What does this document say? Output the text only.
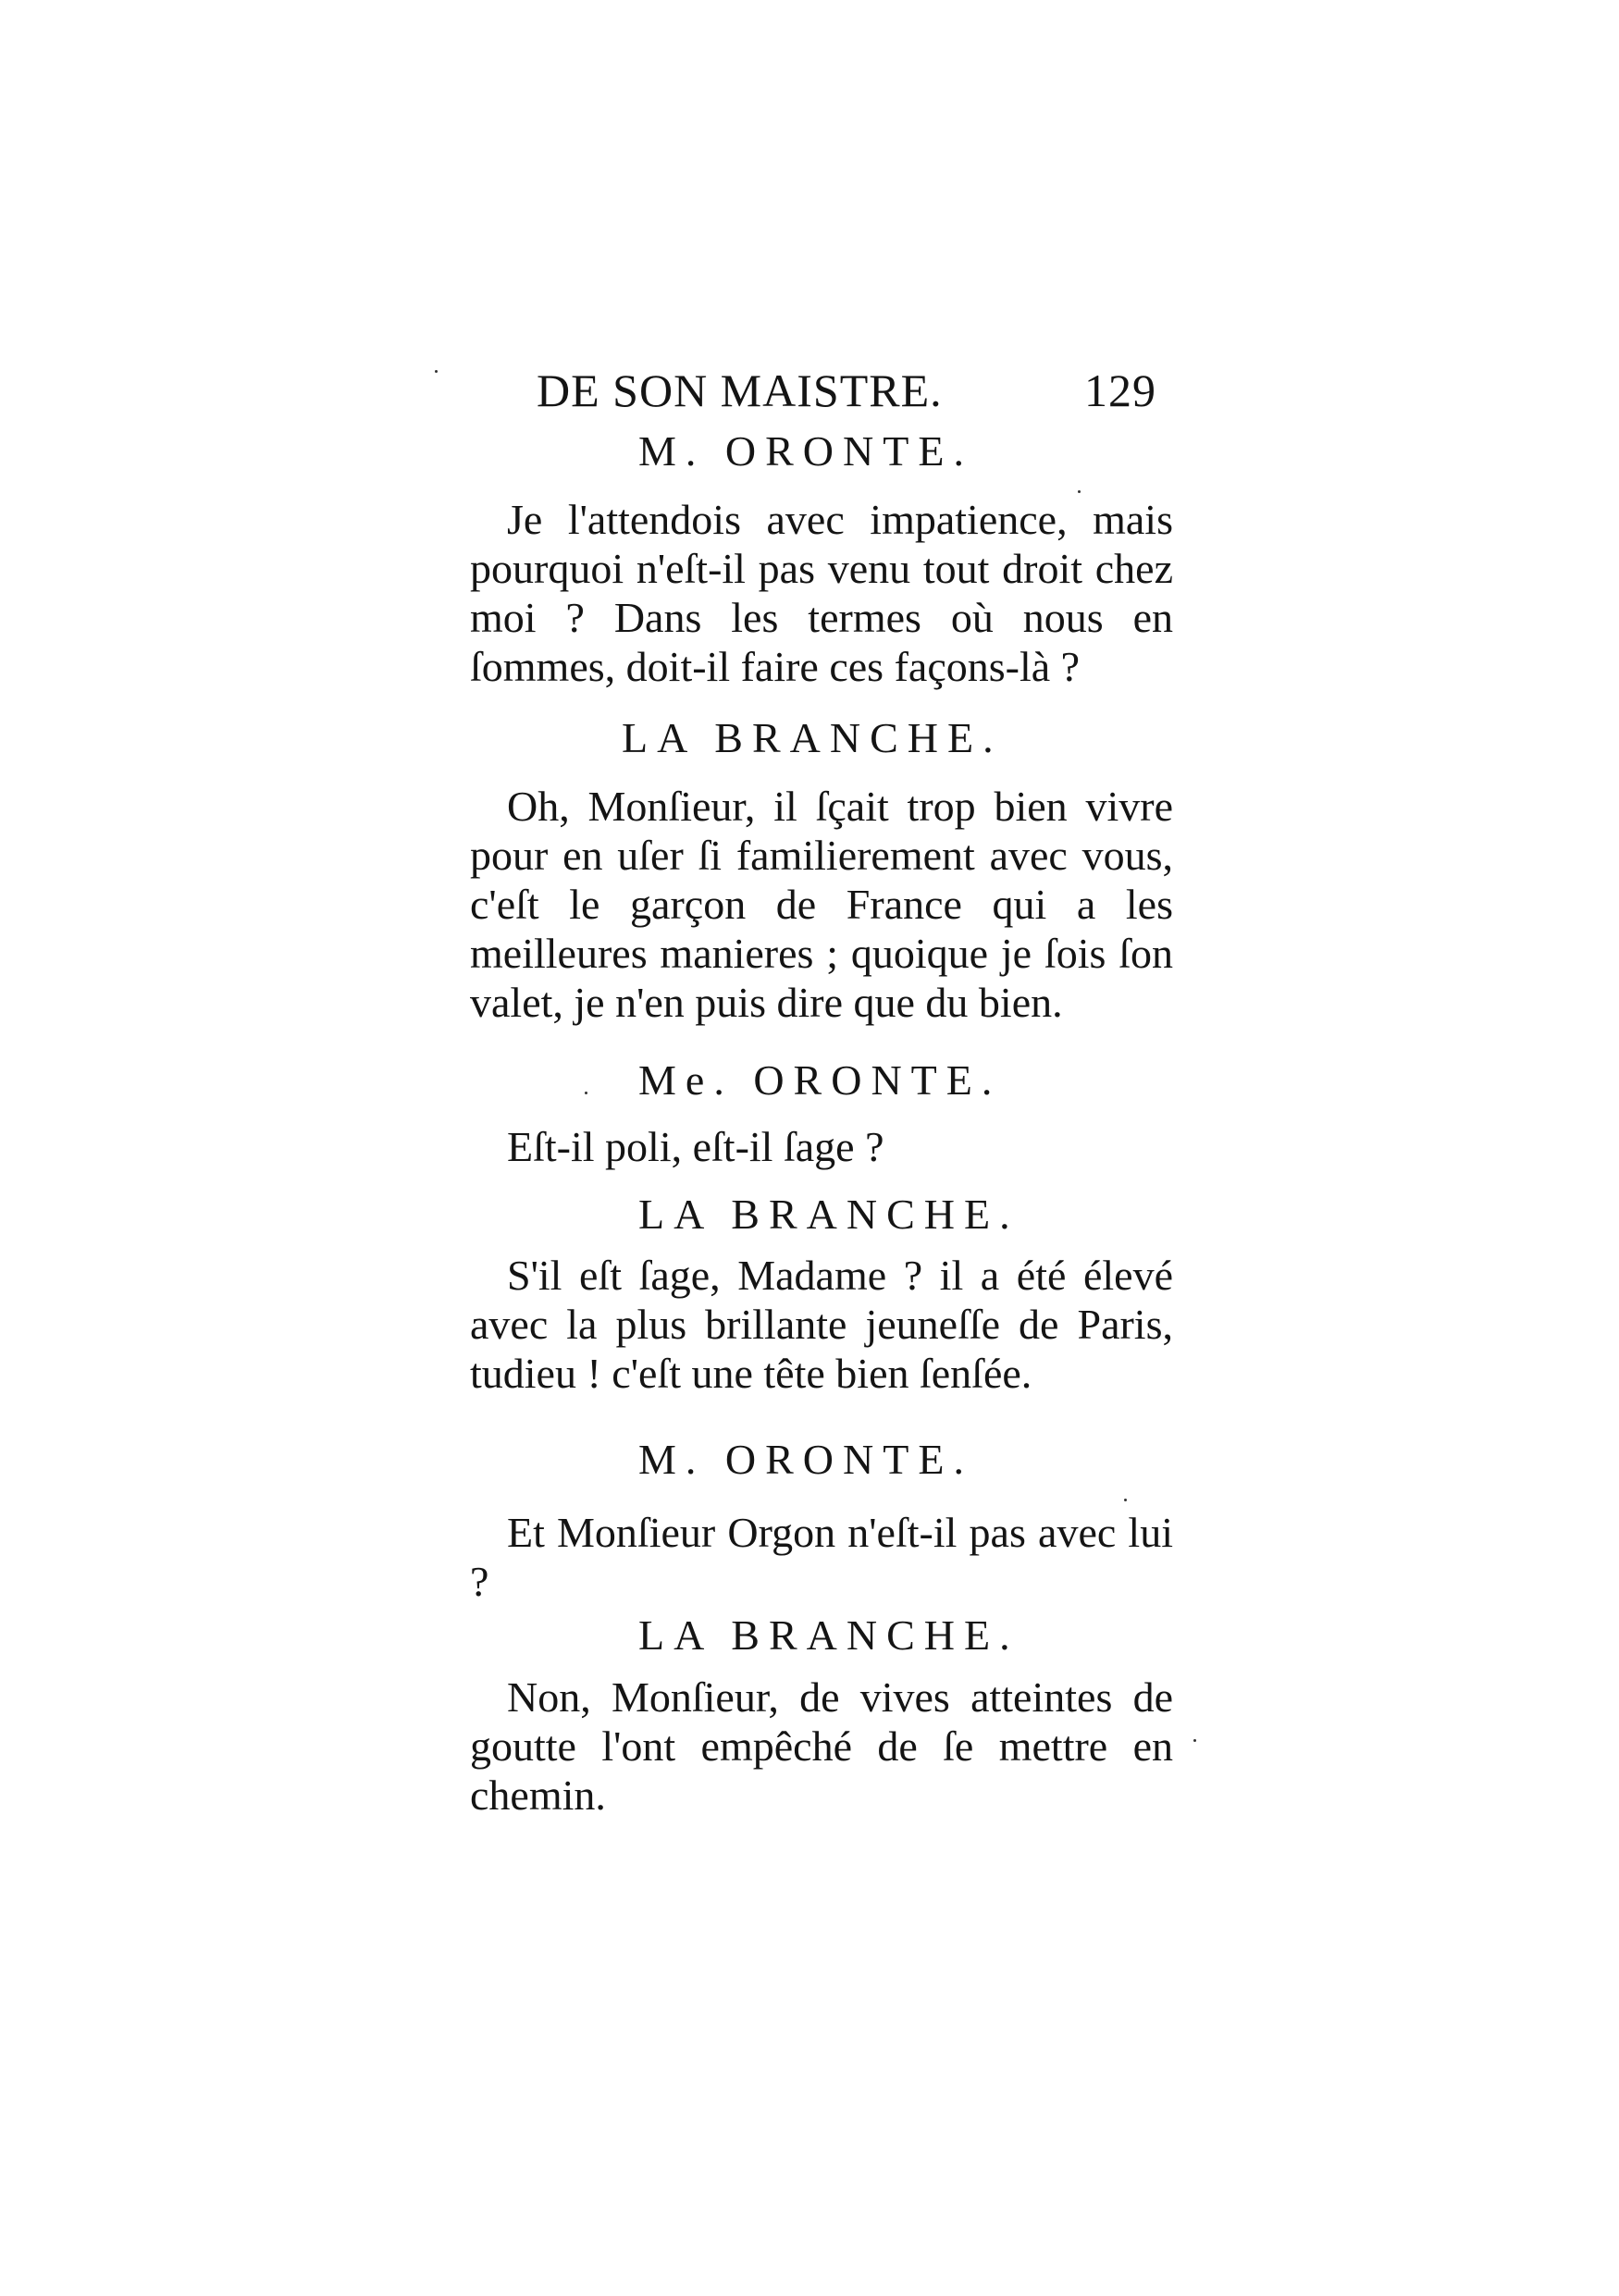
DE SON MAISTRE.	129
M. ORONTE.

Je l'attendois avec impatience, mais pourquoi n'eſt-il pas venu tout droit chez moi ? Dans les termes où nous en ſommes, doit-il faire ces façons-là ?

LA BRANCHE.

Oh, Monſieur, il ſçait trop bien vivre pour en uſer ſi familierement avec vous, c'eſt le garçon de France qui a les meilleures manieres ; quoique je ſois ſon valet, je n'en puis dire que du bien.

Me. ORONTE.

Eſt-il poli, eſt-il ſage ?

LA BRANCHE.

S'il eſt ſage, Madame ? il a été élevé avec la plus brillante jeuneſſe de Paris, tudieu ! c'eſt une tête bien ſenſée.

M. ORONTE.

Et Monſieur Orgon n'eſt-il pas avec lui ?

LA BRANCHE.

Non, Monſieur, de vives atteintes de goutte l'ont empêché de ſe mettre en chemin.
